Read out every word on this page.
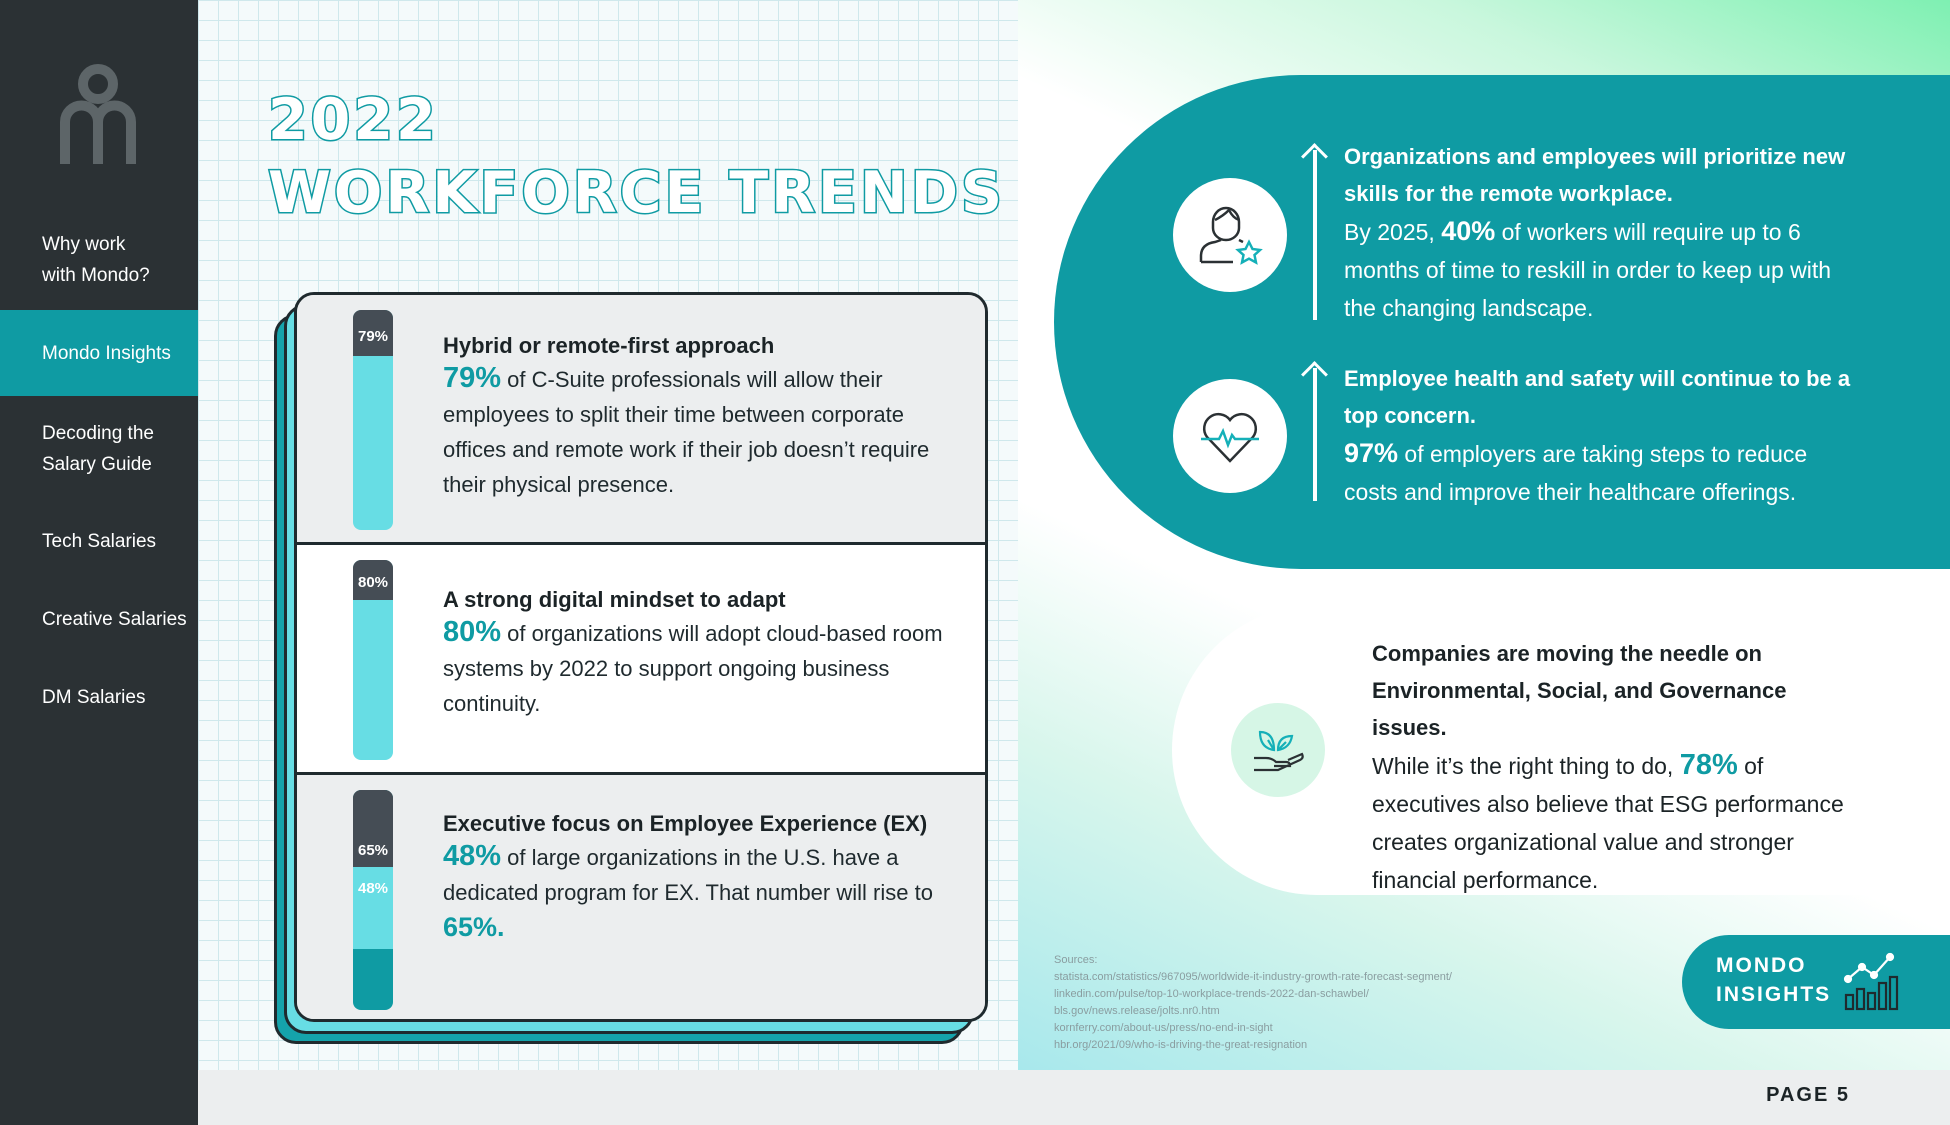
Why work
with Mondo?
Mondo Insights
Decoding the
Salary Guide
Tech Salaries
Creative Salaries
DM Salaries
2022
WORKFORCE TRENDS
79% Hybrid or remote-first approach
79% of C-Suite professionals will allow their employees to split their time between corporate offices and remote work if their job doesn’t require their physical presence.
80%
A strong digital mindset to adapt
80% of organizations will adopt cloud-based room systems by 2022 to support ongoing business continuity.
65%
48%
Executive focus on Employee Experience (EX)
48% of large organizations in the U.S. have a dedicated program for EX. That number will rise to 65%.
Organizations and employees will prioritize new skills for the remote workplace.
By 2025, 40% of workers will require up to 6 months of time to reskill in order to keep up with the changing landscape.
Employee health and safety will continue to be a top concern.
97% of employers are taking steps to reduce costs and improve their healthcare offerings.
Companies are moving the needle on Environmental, Social, and Governance issues.
While it’s the right thing to do, 78% of executives also believe that ESG performance creates organizational value and stronger financial performance.
Sources:
statista.com/statistics/967095/worldwide-it-industry-growth-rate-forecast-segment/
linkedin.com/pulse/top-10-workplace-trends-2022-dan-schawbel/
bls.gov/news.release/jolts.nr0.htm
kornferry.com/about-us/press/no-end-in-sight
hbr.org/2021/09/who-is-driving-the-great-resignation
MONDO
INSIGHTS
PAGE 5
